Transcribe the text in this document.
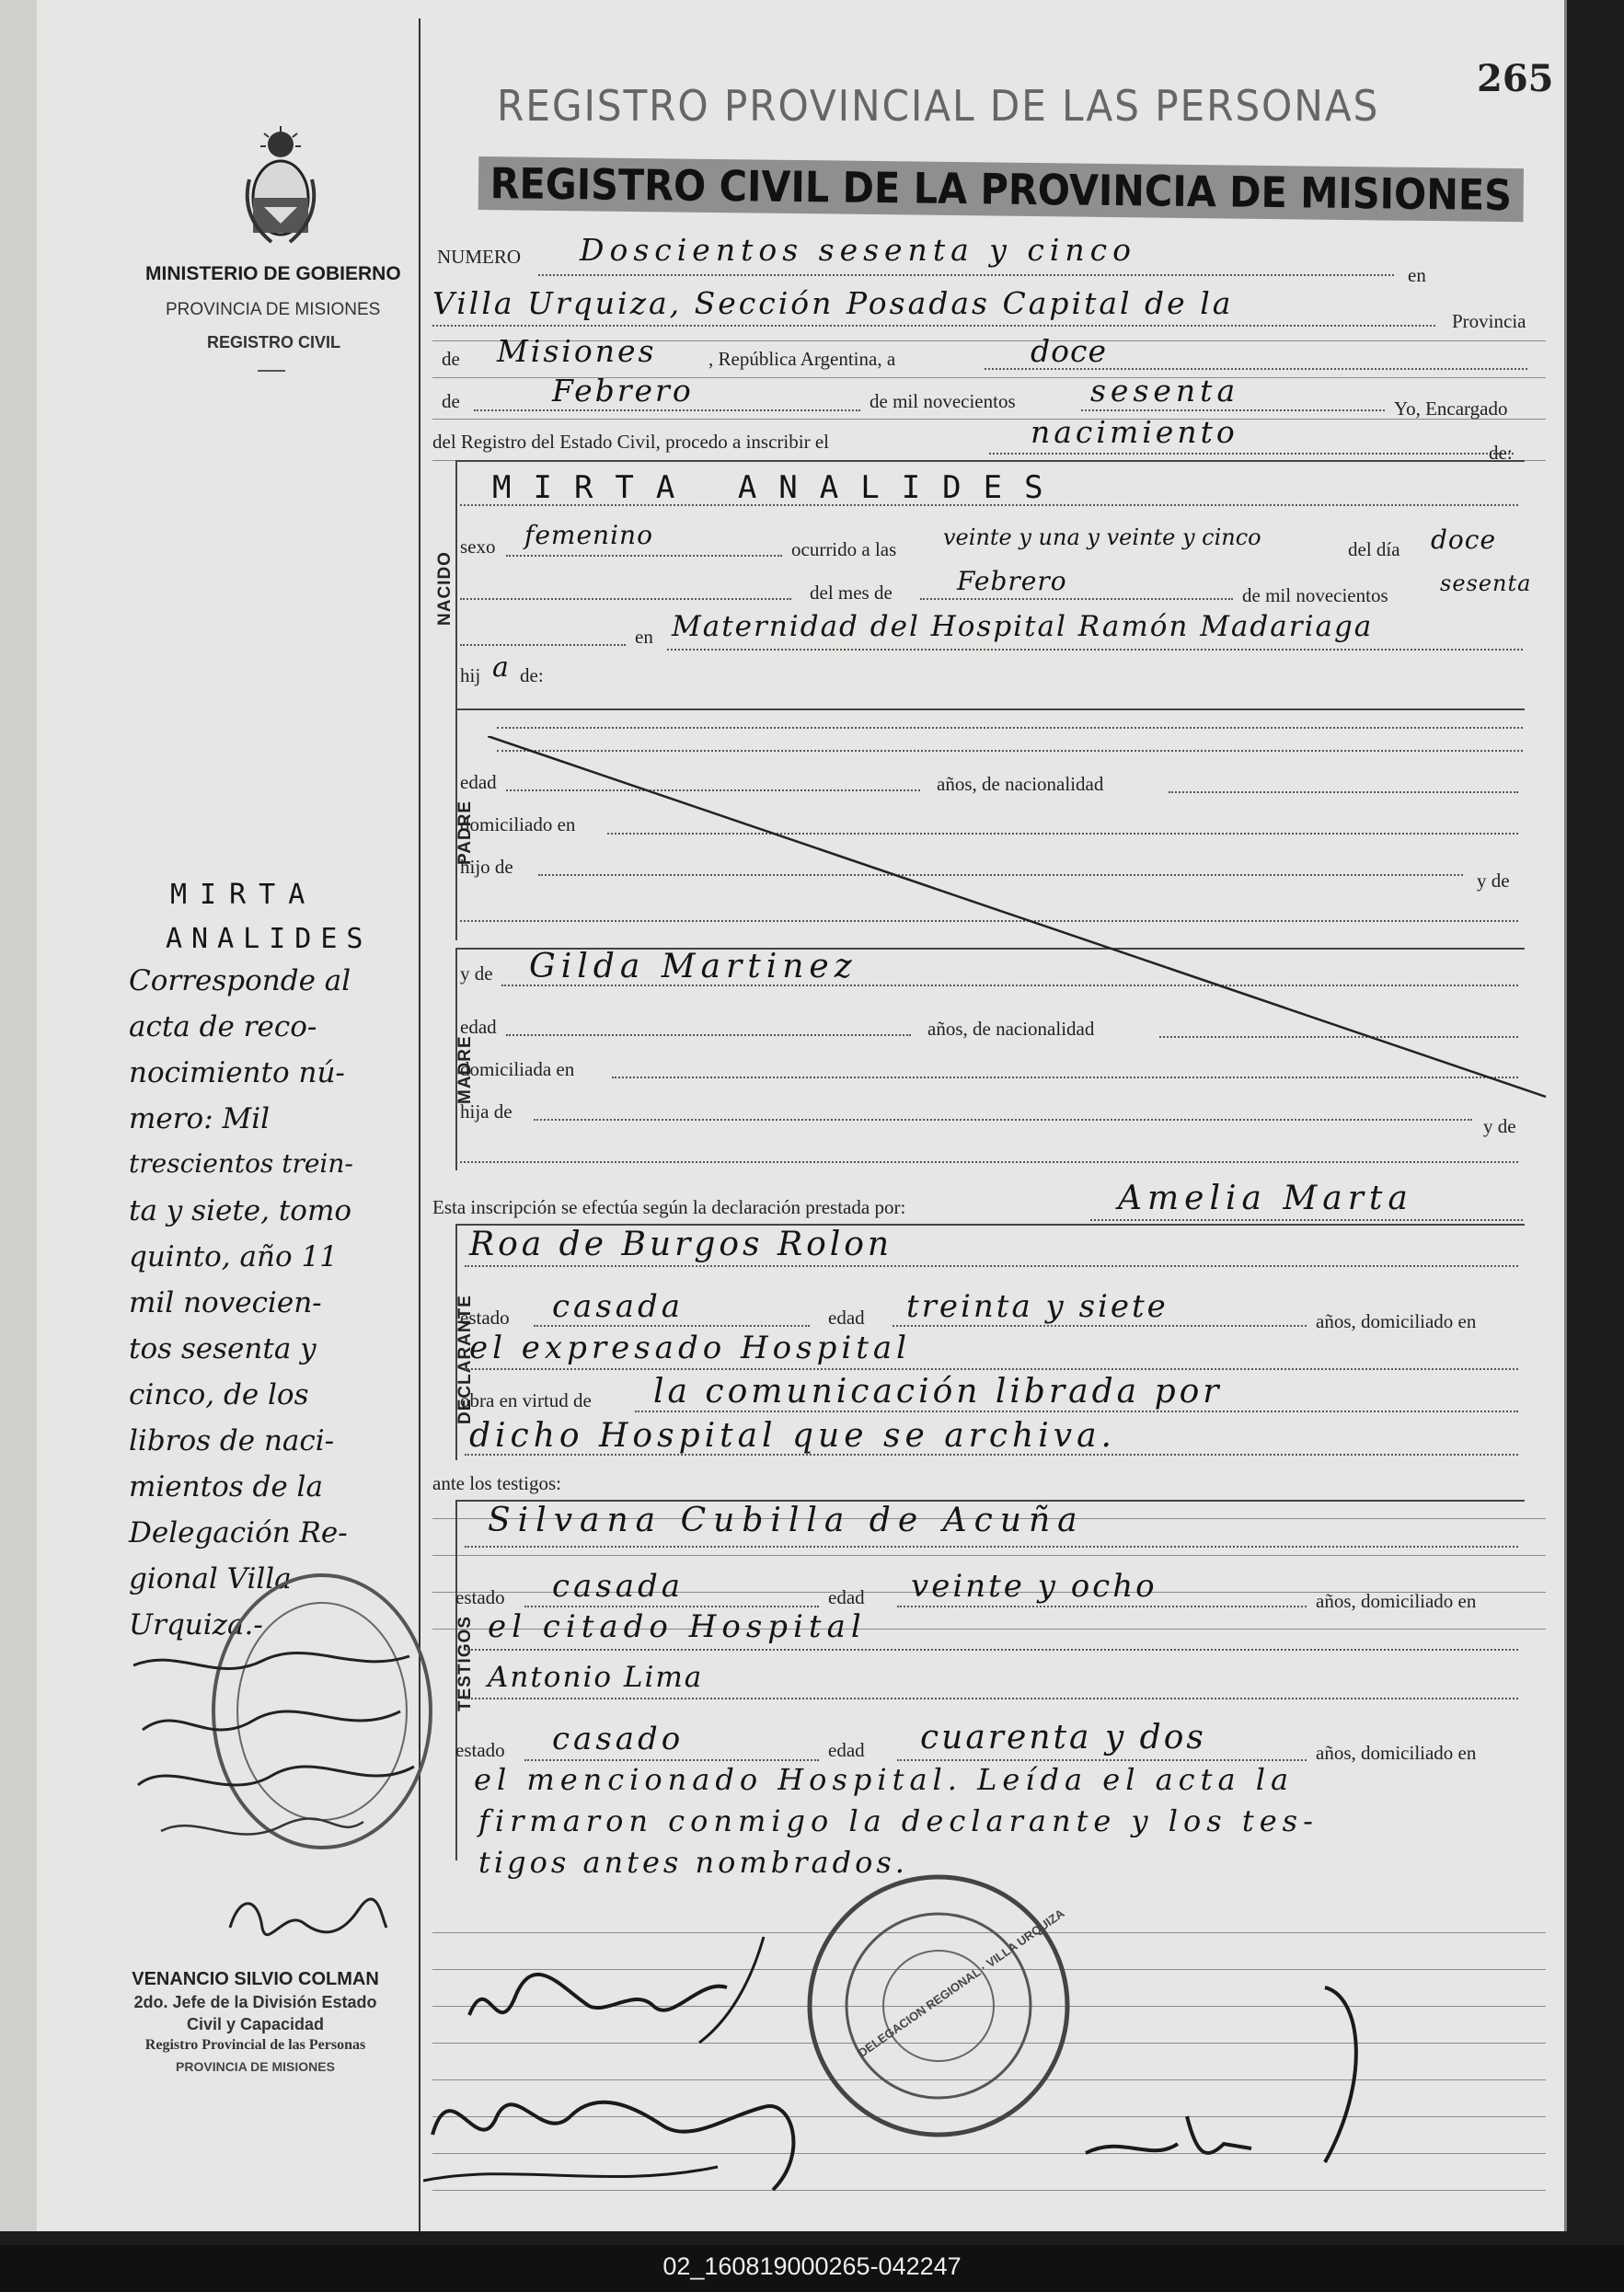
265
REGISTRO PROVINCIAL DE LAS PERSONAS
REGISTRO CIVIL DE LA PROVINCIA DE MISIONES
MINISTERIO DE GOBIERNO
PROVINCIA DE MISIONES
REGISTRO CIVIL
NUMERO Doscientos sesenta y cinco
en
Villa Urquiza, Sección Posadas Capital de la	Provincia
de Misiones	, República Argentina, a	doce
de	Febrero	de mil novecientos sesenta	Yo, Encargado
del Registro del Estado Civil, procedo a inscribir el	nacimiento
de:
NACIDO
MIRTA ANALIDES
sexo femenino	ocurrido a las veinte y una y veinte y cinco	del día doce
del mes de	Febrero	de mil novecientos sesenta
en Maternidad del Hospital Ramón Madariaga
hij a de:
PADRE
edad	años, de nacionalidad
domiciliado en
hijo de
y de
MADRE
y de Gilda Martinez
edad	años, de nacionalidad
domiciliada en
hija de
y de
Esta inscripción se efectúa según la declaración prestada por:	Amelia Marta
DECLARANTE
Roa de Burgos Rolon
estado casada	edad treinta y siete	años, domiciliado en
el expresado Hospital
obra en virtud de la comunicación librada por
dicho Hospital que se archiva.
ante los testigos:
TESTIGOS
Silvana Cubilla de Acuña
estado casada	edad veinte y ocho	años, domiciliado en
el citado Hospital
Antonio Lima
estado casado	edad cuarenta y dos	años, domiciliado en
el mencionado Hospital. Leída el acta la
firmaron conmigo la declarante y los tes-
tigos antes nombrados.
MIRTA
ANALIDES
Corresponde al
acta de reco-
nocimiento nú-
mero: Mil
trescientos trein-
ta y siete, tomo
quinto, año 11
mil novecien-
tos sesenta y
cinco, de los
libros de naci-
mientos de la
Delegación Re-
gional Villa
Urquiza.-
VENANCIO SILVIO COLMAN
2do. Jefe de la División Estado
Civil y Capacidad
Registro Provincial de las Personas
PROVINCIA DE MISIONES
DELEGACION REGIONAL · VILLA URQUIZA
02_160819000265-042247
